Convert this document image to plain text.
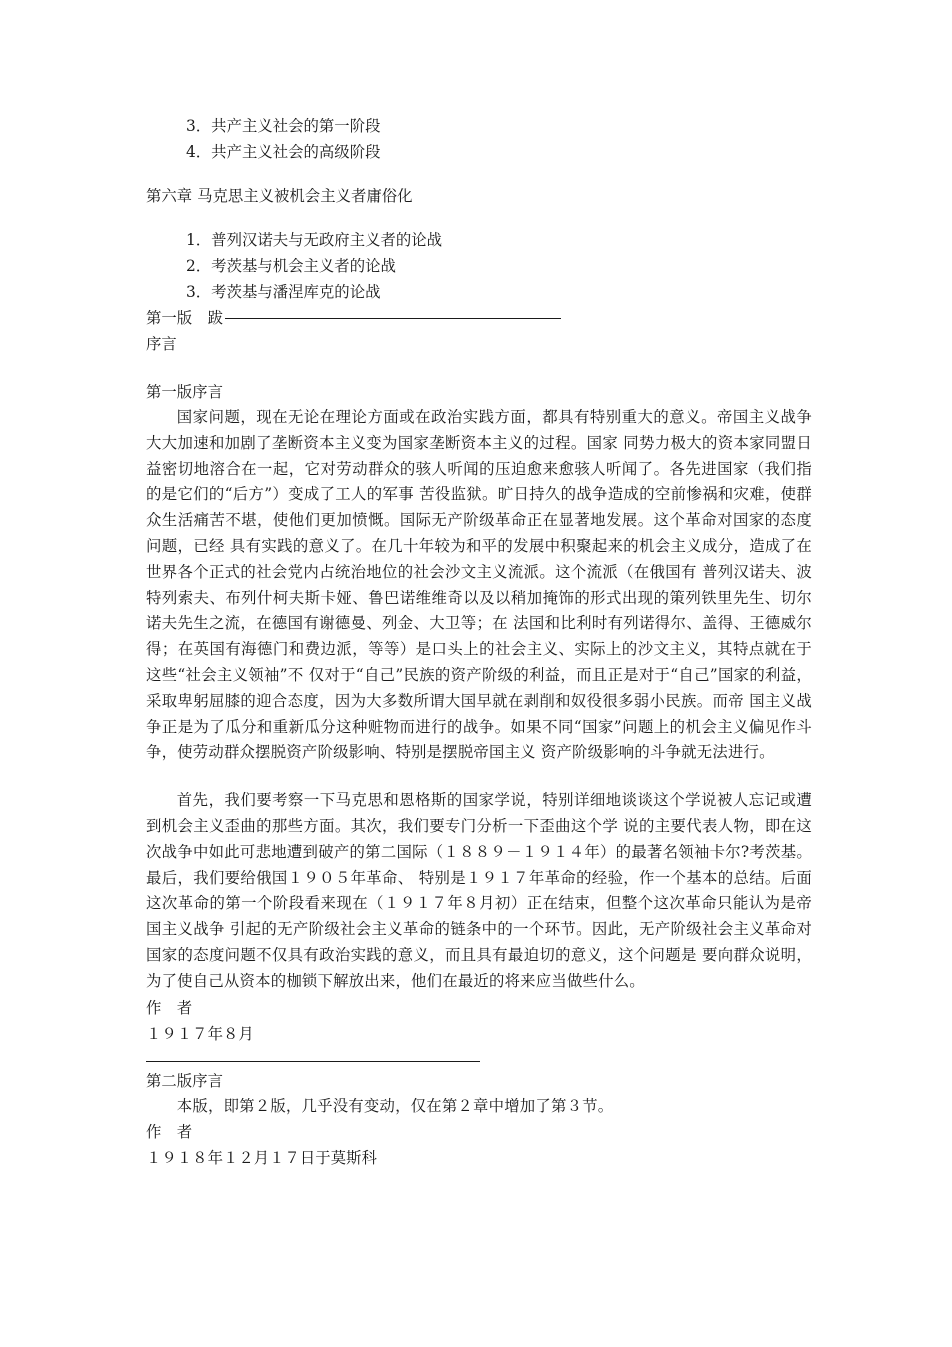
3．共产主义社会的第一阶段
4．共产主义社会的高级阶段
第六章 马克思主义被机会主义者庸俗化
1．普列汉诺夫与无政府主义者的论战
2．考茨基与机会主义者的论战
3．考茨基与潘涅库克的论战
第一版　跋
序言
第一版序言

国家问题，现在无论在理论方面或在政治实践方面，都具有特别重大的意义。帝国主义战争大大加速和加剧了垄断资本主义变为国家垄断资本主义的过程。国家 同势力极大的资本家同盟日益密切地溶合在一起，它对劳动群众的骇人听闻的压迫愈来愈骇人听闻了。各先进国家（我们指的是它们的“后方”）变成了工人的军事 苦役监狱。旷日持久的战争造成的空前惨祸和灾难，使群众生活痛苦不堪，使他们更加愤慨。国际无产阶级革命正在显著地发展。这个革命对国家的态度问题，已经 具有实践的意义了。在几十年较为和平的发展中积聚起来的机会主义成分，造成了在世界各个正式的社会党内占统治地位的社会沙文主义流派。这个流派（在俄国有 普列汉诺夫、波特列索夫、布列什柯夫斯卡娅、鲁巴诺维维奇以及以稍加掩饰的形式出现的策列铁里先生、切尔诺夫先生之流，在德国有谢德曼、列金、大卫等；在 法国和比利时有列诺得尔、盖得、王德威尔得；在英国有海德门和费边派，等等）是口头上的社会主义、实际上的沙文主义，其特点就在于这些“社会主义领袖”不 仅对于“自己”民族的资产阶级的利益，而且正是对于“自己”国家的利益，采取卑躬屈膝的迎合态度，因为大多数所谓大国早就在剥削和奴役很多弱小民族。而帝 国主义战争正是为了瓜分和重新瓜分这种赃物而进行的战争。如果不同“国家”问题上的机会主义偏见作斗争，使劳动群众摆脱资产阶级影响、特别是摆脱帝国主义 资产阶级影响的斗争就无法进行。

首先，我们要考察一下马克思和恩格斯的国家学说，特别详细地谈谈这个学说被人忘记或遭到机会主义歪曲的那些方面。其次，我们要专门分析一下歪曲这个学 说的主要代表人物，即在这次战争中如此可悲地遭到破产的第二国际（１８８９－１９１４年）的最著名领袖卡尔?考茨基。最后，我们要给俄国１９０５年革命、 特别是１９１７年革命的经验，作一个基本的总结。后面这次革命的第一个阶段看来现在（１９１７年８月初）正在结束，但整个这次革命只能认为是帝国主义战争 引起的无产阶级社会主义革命的链条中的一个环节。因此，无产阶级社会主义革命对国家的态度问题不仅具有政治实践的意义，而且具有最迫切的意义，这个问题是 要向群众说明，为了使自己从资本的枷锁下解放出来，他们在最近的将来应当做些什么。

作　者
１９１７年８月
第二版序言

本版，即第２版，几乎没有变动，仅在第２章中增加了第３节。

作　者
１９１８年１２月１７日于莫斯科
